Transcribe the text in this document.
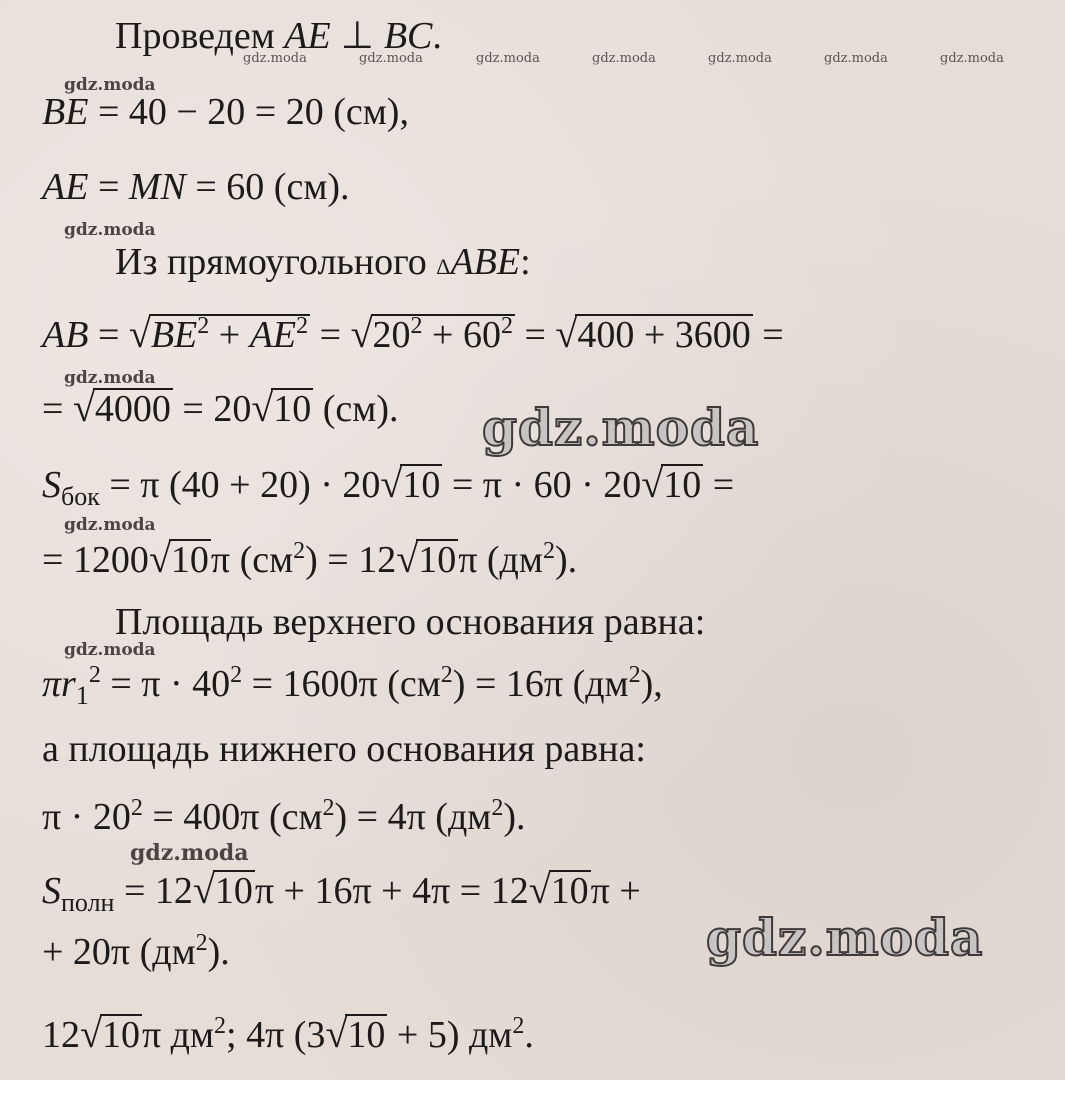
gdz.moda	gdz.moda	gdz.moda	gdz.moda	gdz.moda	gdz.moda	gdz.moda
gdz.moda
gdz.moda
gdz.moda
gdz.moda
gdz.moda
gdz.moda
Проведем AE ⊥ BC.
BE = 40 − 20 = 20 (см),
AE = MN = 60 (см).
Из прямоугольного ΔABE:
AB = $√BE^2 + AE^2 = √20^2 + 60^2 = √400 + 3600$ =
= √4000 = 20√10 (см).
$S_{бок} = \pi$ (40 + 20) · 20√10 = π · 60 · 20√10 =
= 1200√10π $(см^2) = 12√10\pi$ $(дм^2)$.
Площадь верхнего основания равна:
$\pi r_1^2 = \pi \cdot 40^2 = 1600\pi$ $(см^2) = 16\pi$ $(дм^2)$,
а площадь нижнего основания равна:
$\pi \cdot 20^2 = 400\pi$ $(см^2) = 4\pi$ $(дм^2)$.
$S_{полн} = 12√10\pi + 16\pi + 4\pi = 12√10\pi$ +
+ 20π $(дм^2)$.
12√10π $дм^2$; 4π (3√10 + 5) $дм^2$.
gdz.moda
gdz.moda
